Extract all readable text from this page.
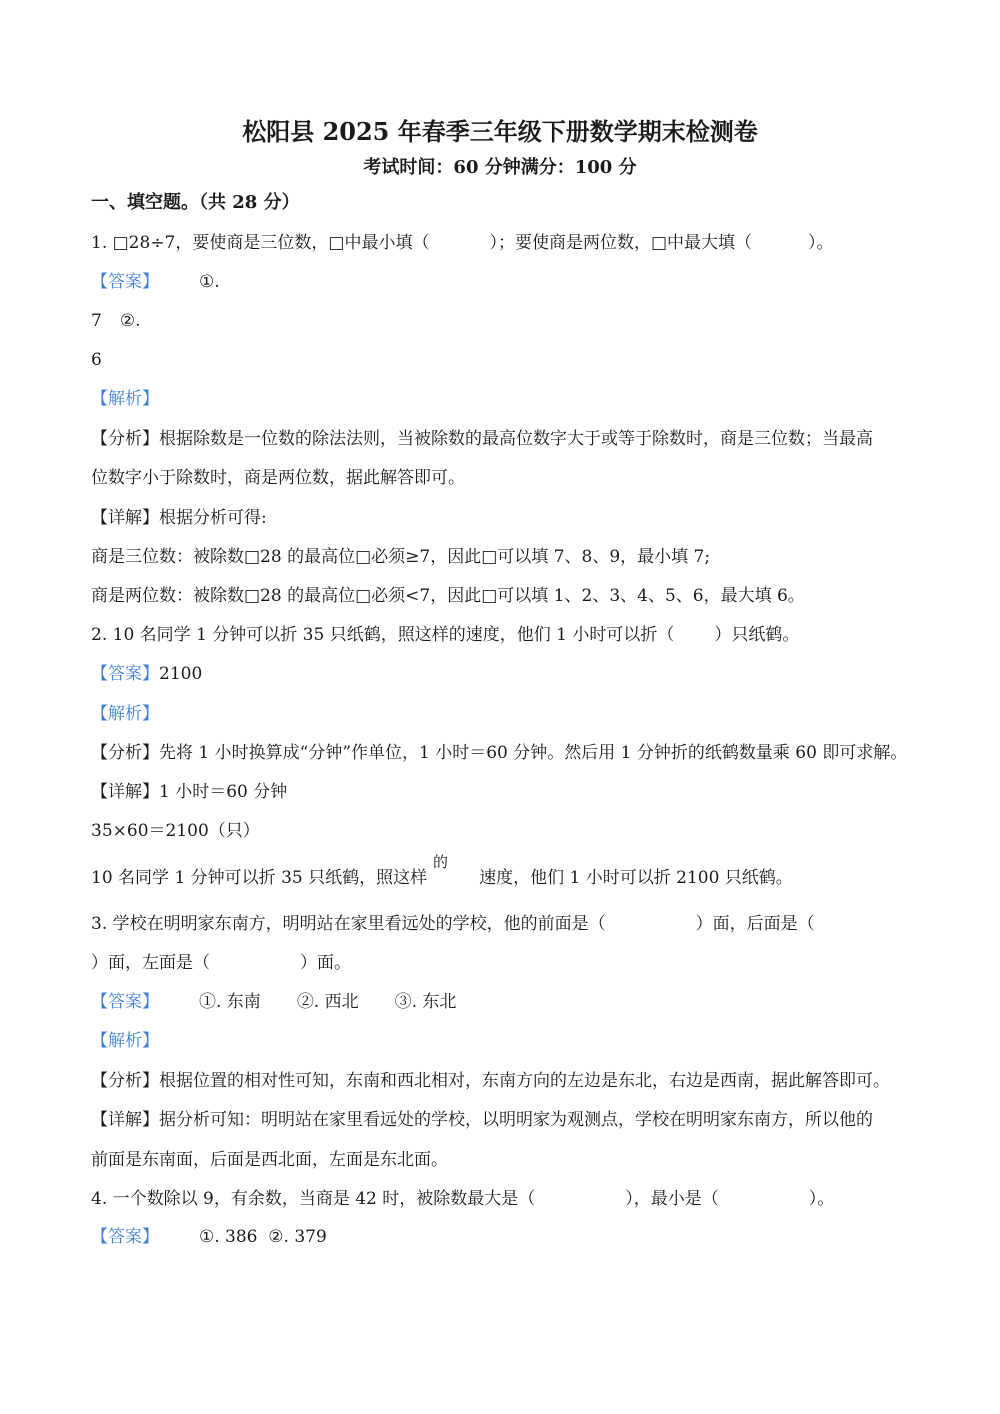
松阳县 2025 年春季三年级下册数学期末检测卷
考试时间：60 分钟满分：100 分
一、填空题。（共 28 分）
1. □28÷7，要使商是三位数，□中最小填（	）；要使商是两位数，□中最大填（	）。
【答案】 ①.
7 ②.
6
【解析】
【分析】根据除数是一位数的除法法则，当被除数的最高位数字大于或等于除数时，商是三位数；当最高
位数字小于除数时，商是两位数，据此解答即可。
【详解】根据分析可得:
商是三位数：被除数□28 的最高位□必须≥7，因此□可以填 7、8、9，最小填 7;
商是两位数：被除数□28 的最高位□必须<7，因此□可以填 1、2、3、4、5、6，最大填 6。
2. 10 名同学 1 分钟可以折 35 只纸鹤，照这样的速度，他们 1 小时可以折（ ）只纸鹤。
【答案】2100
【解析】
【分析】先将 1 小时换算成“分钟”作单位，1 小时＝60 分钟。然后用 1 分钟折的纸鹤数量乘 60 即可求解。
【详解】1 小时＝60 分钟
35×60＝2100（只）
的
10 名同学 1 分钟可以折 35 只纸鹤，照这样	速度，他们 1 小时可以折 2100 只纸鹤。
3. 学校在明明家东南方，明明站在家里看远处的学校，他的前面是（	）面，后面是（
）面，左面是（	）面。
【答案】 ①. 东南 ②. 西北 ③. 东北
【解析】
【分析】根据位置的相对性可知，东南和西北相对，东南方向的左边是东北，右边是西南，据此解答即可。
【详解】据分析可知：明明站在家里看远处的学校，以明明家为观测点，学校在明明家东南方，所以他的
前面是东南面，后面是西北面，左面是东北面。
4. 一个数除以 9，有余数，当商是 42 时，被除数最大是（	），最小是（	）。
【答案】 ①. 386  ②. 379
